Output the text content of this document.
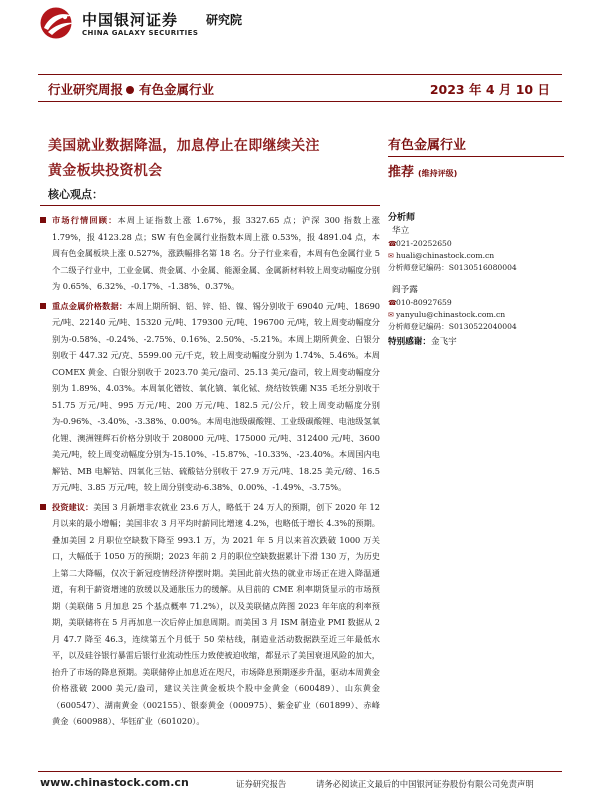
中国银河证券
CHINA GALAXY SECURITIES
研究院
行业研究周报 有色金属行业	2023 年 4 月 10 日
美国就业数据降温，加息停止在即继续关注
黄金板块投资机会
核心观点：
市场行情回顾：本周上证指数上涨 1.67%，报 3327.65 点；沪深 300 指数上涨 1.79%，报 4123.28 点；SW 有色金属行业指数本周上涨 0.53%，报 4891.04 点，本周有色金属板块上涨 0.527%，涨跌幅排名第 18 名。分子行业来看，本周有色金属行业 5 个二级子行业中，工业金属、贵金属、小金属、能源金属、金属新材料较上周变动幅度分别为 0.65%、6.32%、-0.17%、-1.38%、0.37%。
重点金属价格数据：本周上期所铜、铝、锌、铅、镍、锡分别收于 69040 元/吨、18690 元/吨、22140 元/吨、15320 元/吨、179300 元/吨、196700 元/吨，较上周变动幅度分别为-0.58%、-0.24%、-2.75%、0.16%、2.50%、-5.21%。本周上期所黄金、白银分别收于 447.32 元/克、5599.00 元/千克，较上周变动幅度分别为 1.74%、5.46%。本周 COMEX 黄金、白银分别收于 2023.70 美元/盎司、25.13 美元/盎司，较上周变动幅度分别为 1.89%、4.03%。本周氧化镨钕、氧化镝、氧化铽、烧结钕铁硼 N35 毛坯分别收于 51.75 万元/吨、995 万元/吨、200 万元/吨、182.5 元/公斤，较上周变动幅度分别为-0.96%、-3.40%、-3.38%、0.00%。本周电池级碳酸锂、工业级碳酸锂、电池级氢氧化锂、澳洲锂辉石价格分别收于 208000 元/吨、175000 元/吨、312400 元/吨、3600 美元/吨，较上周变动幅度分别为-15.10%、-15.87%、-10.33%、-23.40%。本周国内电解钴、MB 电解钴、四氧化三钴、硫酸钴分别收于 27.9 万元/吨、18.25 美元/磅、16.5 万元/吨、3.85 万元/吨，较上周分别变动-6.38%、0.00%、-1.49%、-3.75%。
投资建议：美国 3 月新增非农就业 23.6 万人，略低于 24 万人的预期，创下 2020 年 12 月以来的最小增幅；美国非农 3 月平均时薪同比增速 4.2%，也略低于增长 4.3%的预期。叠加美国 2 月职位空缺数下降至 993.1 万，为 2021 年 5 月以来首次跌破 1000 万关口，大幅低于 1050 万的预期；2023 年前 2 月的职位空缺数据累计下滑 130 万，为历史上第二大降幅，仅次于新冠疫情经济停摆时期。美国此前火热的就业市场正在进入降温通道，有利于薪资增速的放缓以及通胀压力的缓解。从目前的 CME 利率期货显示的市场预期（美联储 5 月加息 25 个基点概率 71.2%），以及美联储点阵图 2023 年年底的利率预期，美联储将在 5 月再加息一次后停止加息周期。而美国 3 月 ISM 制造业 PMI 数据从 2 月 47.7 降至 46.3，连续第五个月低于 50 荣枯线，制造业活动数据跌至近三年最低水平，以及硅谷银行暴雷后银行业流动性压力致使被迫收缩，都显示了美国衰退风险的加大，抬升了市场的降息预期。美联储停止加息近在咫尺，市场降息预期逐步升温，驱动本周黄金价格涨破 2000 美元/盎司，建议关注黄金板块个股中金黄金（600489）、山东黄金（600547）、湖南黄金（002155）、银泰黄金（000975）、紫金矿业（601899）、赤峰黄金（600988）、华钰矿业（601020）。
有色金属行业
推荐 (维持评级)
分析师
华立
☎021-20252650
✉ huali@chinastock.com.cn
分析师登记编码：S0130516080004
阎予露
☎010-80927659
✉ yanyulu@chinastock.com.cn
分析师登记编码：S0130522040004
特别感谢：金飞宇
www.chinastock.com.cn	证券研究报告	请务必阅读正文最后的中国银河证券股份有限公司免责声明
